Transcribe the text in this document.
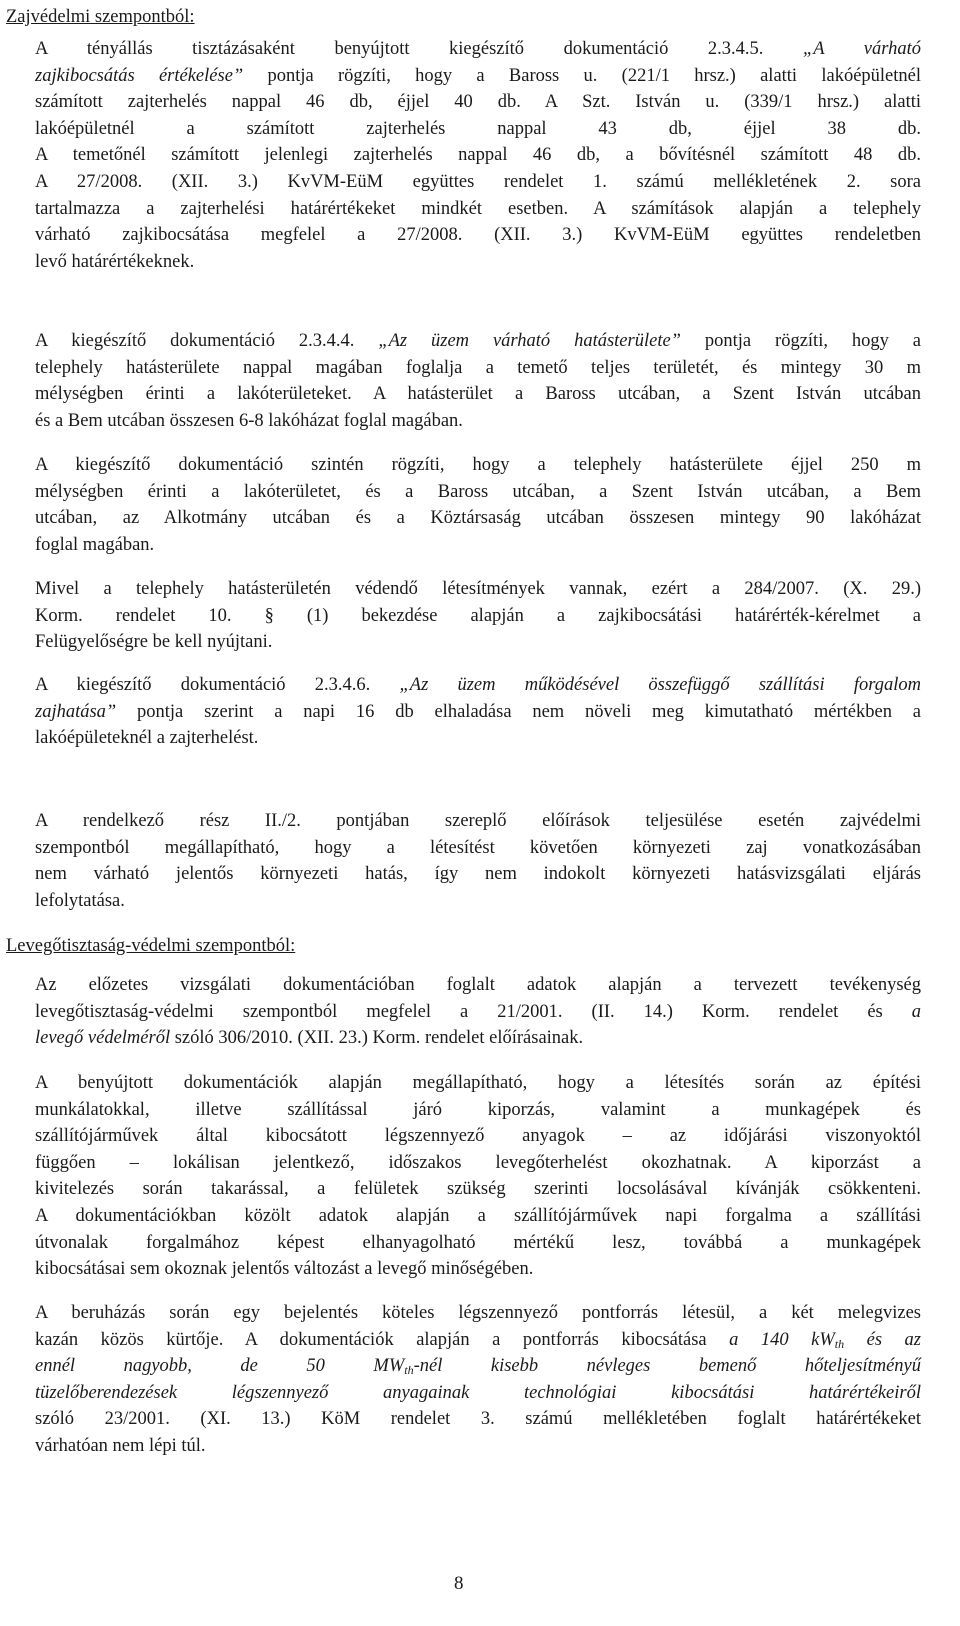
Zajvédelmi szempontból:
A tényállás tisztázásaként benyújtott kiegészítő dokumentáció 2.3.4.5. „A várható
zajkibocsátás értékelése” pontja rögzíti, hogy a Baross u. (221/1 hrsz.) alatti lakóépületnél
számított zajterhelés nappal 46 db, éjjel 40 db. A Szt. István u. (339/1 hrsz.) alatti
lakóépületnél a számított zajterhelés nappal 43 db, éjjel 38 db.
A temetőnél számított jelenlegi zajterhelés nappal 46 db, a bővítésnél számított 48 db.
A 27/2008. (XII. 3.) KvVM-EüM együttes rendelet 1. számú mellékletének 2. sora
tartalmazza a zajterhelési határértékeket mindkét esetben. A számítások alapján a telephely
várható zajkibocsátása megfelel a 27/2008. (XII. 3.) KvVM-EüM együttes rendeletben
levő határértékeknek.
A kiegészítő dokumentáció 2.3.4.4. „Az üzem várható hatásterülete” pontja rögzíti, hogy a
telephely hatásterülete nappal magában foglalja a temető teljes területét, és mintegy 30 m
mélységben érinti a lakóterületeket. A hatásterület a Baross utcában, a Szent István utcában
és a Bem utcában összesen 6-8 lakóházat foglal magában.
A kiegészítő dokumentáció szintén rögzíti, hogy a telephely hatásterülete éjjel 250 m
mélységben érinti a lakóterületet, és a Baross utcában, a Szent István utcában, a Bem
utcában, az Alkotmány utcában és a Köztársaság utcában összesen mintegy 90 lakóházat
foglal magában.
Mivel a telephely hatásterületén védendő létesítmények vannak, ezért a 284/2007. (X. 29.)
Korm. rendelet 10. § (1) bekezdése alapján a zajkibocsátási határérték-kérelmet a
Felügyelőségre be kell nyújtani.
A kiegészítő dokumentáció 2.3.4.6. „Az üzem működésével összefüggő szállítási forgalom
zajhatása” pontja szerint a napi 16 db elhaladása nem növeli meg kimutatható mértékben a
lakóépületeknél a zajterhelést.
A rendelkező rész II./2. pontjában szereplő előírások teljesülése esetén zajvédelmi
szempontból megállapítható, hogy a létesítést követően környezeti zaj vonatkozásában
nem várható jelentős környezeti hatás, így nem indokolt környezeti hatásvizsgálati eljárás
lefolytatása.
Levegőtisztaság-védelmi szempontból:
Az előzetes vizsgálati dokumentációban foglalt adatok alapján a tervezett tevékenység
levegőtisztaság-védelmi szempontból megfelel a 21/2001. (II. 14.) Korm. rendelet és a
levegő védelméről szóló 306/2010. (XII. 23.) Korm. rendelet előírásainak.
A benyújtott dokumentációk alapján megállapítható, hogy a létesítés során az építési
munkálatokkal, illetve szállítással járó kiporzás, valamint a munkagépek és
szállítójárművek által kibocsátott légszennyező anyagok – az időjárási viszonyoktól
függően – lokálisan jelentkező, időszakos levegőterhelést okozhatnak. A kiporzást a
kivitelezés során takarással, a felületek szükség szerinti locsolásával kívánják csökkenteni.
A dokumentációkban közölt adatok alapján a szállítójárművek napi forgalma a szállítási
útvonalak forgalmához képest elhanyagolható mértékű lesz, továbbá a munkagépek
kibocsátásai sem okoznak jelentős változást a levegő minőségében.
A beruházás során egy bejelentés köteles légszennyező pontforrás létesül, a két melegvizes
kazán közös kürtője. A dokumentációk alapján a pontforrás kibocsátása a 140 $kW_{th}$ és az
ennél nagyobb, de 50 $MW_{th}$-nél kisebb névleges bemenő hőteljesítményű
tüzelőberendezések légszennyező anyagainak technológiai kibocsátási határértékeiről
szóló 23/2001. (XI. 13.) KöM rendelet 3. számú mellékletében foglalt határértékeket
várhatóan nem lépi túl.
8
